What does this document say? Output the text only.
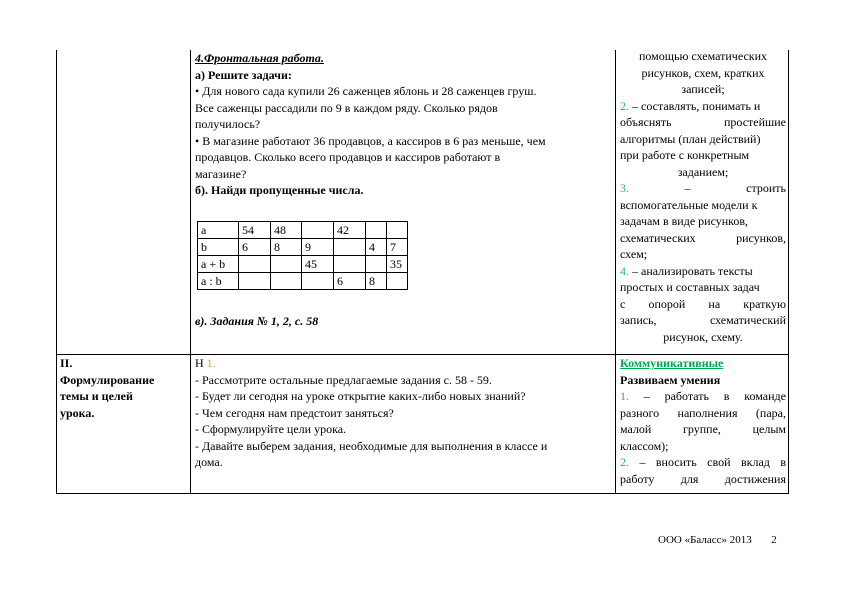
4.Фронтальная работа.
а) Решите задачи:
• Для нового сада купили 26 саженцев яблонь и 28 саженцев груш.
Все саженцы рассадили по 9 в каждом ряду. Сколько рядов
получилось?
• В магазине работают 36 продавцов, а кассиров в 6 раз меньше, чем
продавцов. Сколько всего продавцов и кассиров работают в
магазине?
б). Найди пропущенные числа.
а	54	48		42		
b	6	8	9		4	7
а + b			45			35
а : b				6	8	
в). Задания № 1, 2, с. 58
помощью схематических
рисунков, схем, кратких
записей;
2. – составлять, понимать и
объяснять	простейшие
алгоритмы (план действий)
при работе с конкретным
заданием;
3.	–	строить
вспомогательные модели к
задачам в виде рисунков,
схематических	рисунков,
схем;
4. – анализировать тексты
простых и составных задач
с опорой на краткую
запись,	схематический
рисунок, схему.
II.
Формулирование
темы и целей
урока.
Н 1.
- Рассмотрите остальные предлагаемые задания с. 58 - 59.
- Будет ли сегодня на уроке открытие каких-либо новых знаний?
- Чем сегодня нам предстоит заняться?
- Сформулируйте цели урока.
- Давайте выберем задания, необходимые для выполнения в классе и
дома.
Коммуникативные
Развиваем умения
1. – работать в команде
разного наполнения (пара,
малой	группе,	целым
классом);
2. – вносить свой вклад в
работу для достижения
ООО «Баласс» 2013 2
